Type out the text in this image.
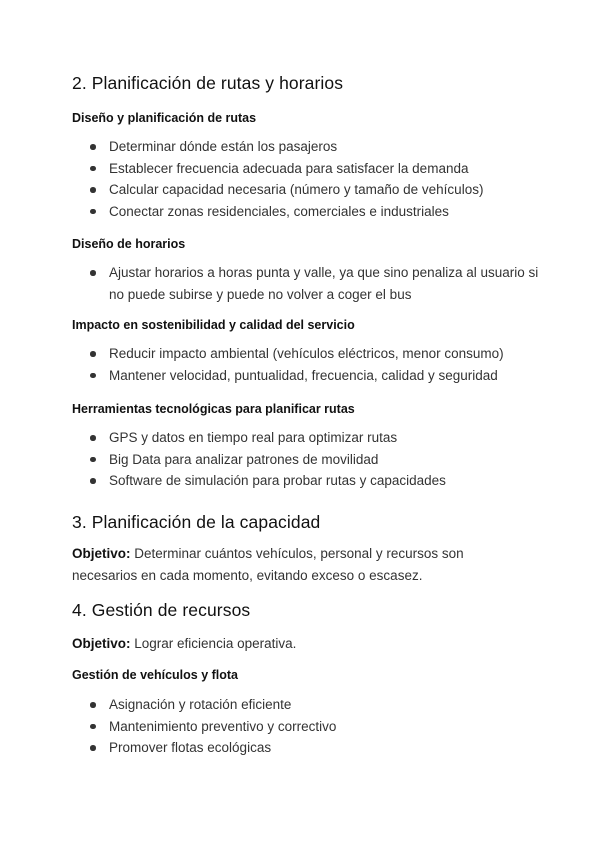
2. Planificación de rutas y horarios
Diseño y planificación de rutas
Determinar dónde están los pasajeros
Establecer frecuencia adecuada para satisfacer la demanda
Calcular capacidad necesaria (número y tamaño de vehículos)
Conectar zonas residenciales, comerciales e industriales
Diseño de horarios
Ajustar horarios a horas punta y valle, ya que sino penaliza al usuario si no puede subirse y puede no volver a coger el bus
Impacto en sostenibilidad y calidad del servicio
Reducir impacto ambiental (vehículos eléctricos, menor consumo)
Mantener velocidad, puntualidad, frecuencia, calidad y seguridad
Herramientas tecnológicas para planificar rutas
GPS y datos en tiempo real para optimizar rutas
Big Data para analizar patrones de movilidad
Software de simulación para probar rutas y capacidades
3. Planificación de la capacidad

Objetivo: Determinar cuántos vehículos, personal y recursos son necesarios en cada momento, evitando exceso o escasez.

4. Gestión de recursos

Objetivo: Lograr eficiencia operativa.

Gestión de vehículos y flota
Asignación y rotación eficiente
Mantenimiento preventivo y correctivo
Promover flotas ecológicas
